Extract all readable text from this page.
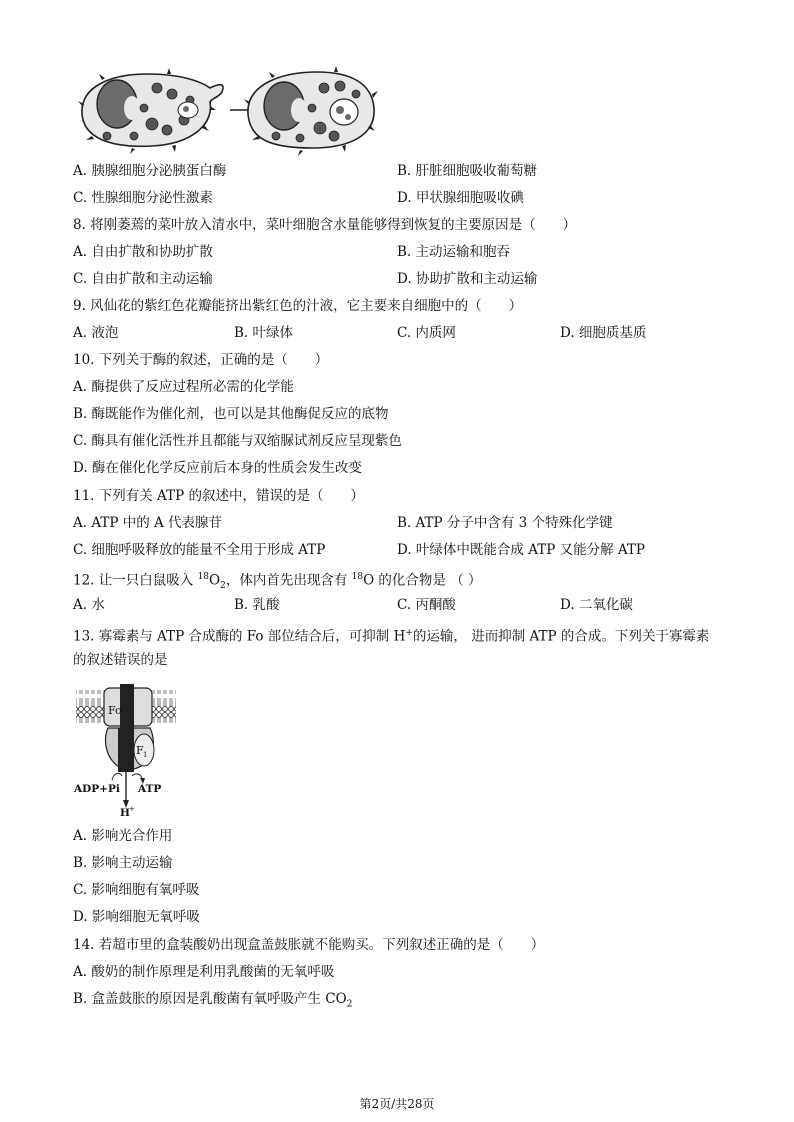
A. 胰腺细胞分泌胰蛋白酶	B. 肝脏细胞吸收葡萄糖
C. 性腺细胞分泌性激素	D. 甲状腺细胞吸收碘
8. 将刚萎蔫的菜叶放入清水中，菜叶细胞含水量能够得到恢复的主要原因是（　　）
A. 自由扩散和协助扩散	B. 主动运输和胞吞
C. 自由扩散和主动运输	D. 协助扩散和主动运输
9. 风仙花的紫红色花瓣能挤出紫红色的汁液，它主要来自细胞中的（　　）
A. 液泡	B. 叶绿体	C. 内质网	D. 细胞质基质
10. 下列关于酶的叙述，正确的是（　　）
A. 酶提供了反应过程所必需的化学能
B. 酶既能作为催化剂，也可以是其他酶促反应的底物
C. 酶具有催化活性并且都能与双缩脲试剂反应呈现紫色
D. 酶在催化化学反应前后本身的性质会发生改变
11. 下列有关 ATP 的叙述中，错误的是（　　）
A. ATP 中的 A 代表腺苷	B. ATP 分子中含有 3 个特殊化学键
C. 细胞呼吸释放的能量不全用于形成 ATP	D. 叶绿体中既能合成 ATP 又能分解 ATP
12. 让一只白鼠吸入 $^{18}O_2$，体内首先出现含有 $^{18}$O 的化合物是 （ ）
A. 水	B. 乳酸	C. 丙酮酸	D. 二氧化碳
13. 寡霉素与 ATP 合成酶的 Fo 部位结合后，可抑制 H+的运输， 进而抑制 ATP 的合成。下列关于寡霉素
的叙述错误的是
Fo
F 1
ADP+Pi ATP
H +
A. 影响光合作用
B. 影响主动运输
C. 影响细胞有氧呼吸
D. 影响细胞无氧呼吸
14. 若超市里的盒装酸奶出现盒盖鼓胀就不能购买。下列叙述正确的是（　　）
A. 酸奶的制作原理是利用乳酸菌的无氧呼吸
B. 盒盖鼓胀的原因是乳酸菌有氧呼吸产生 $CO_2$
第2页/共28页
